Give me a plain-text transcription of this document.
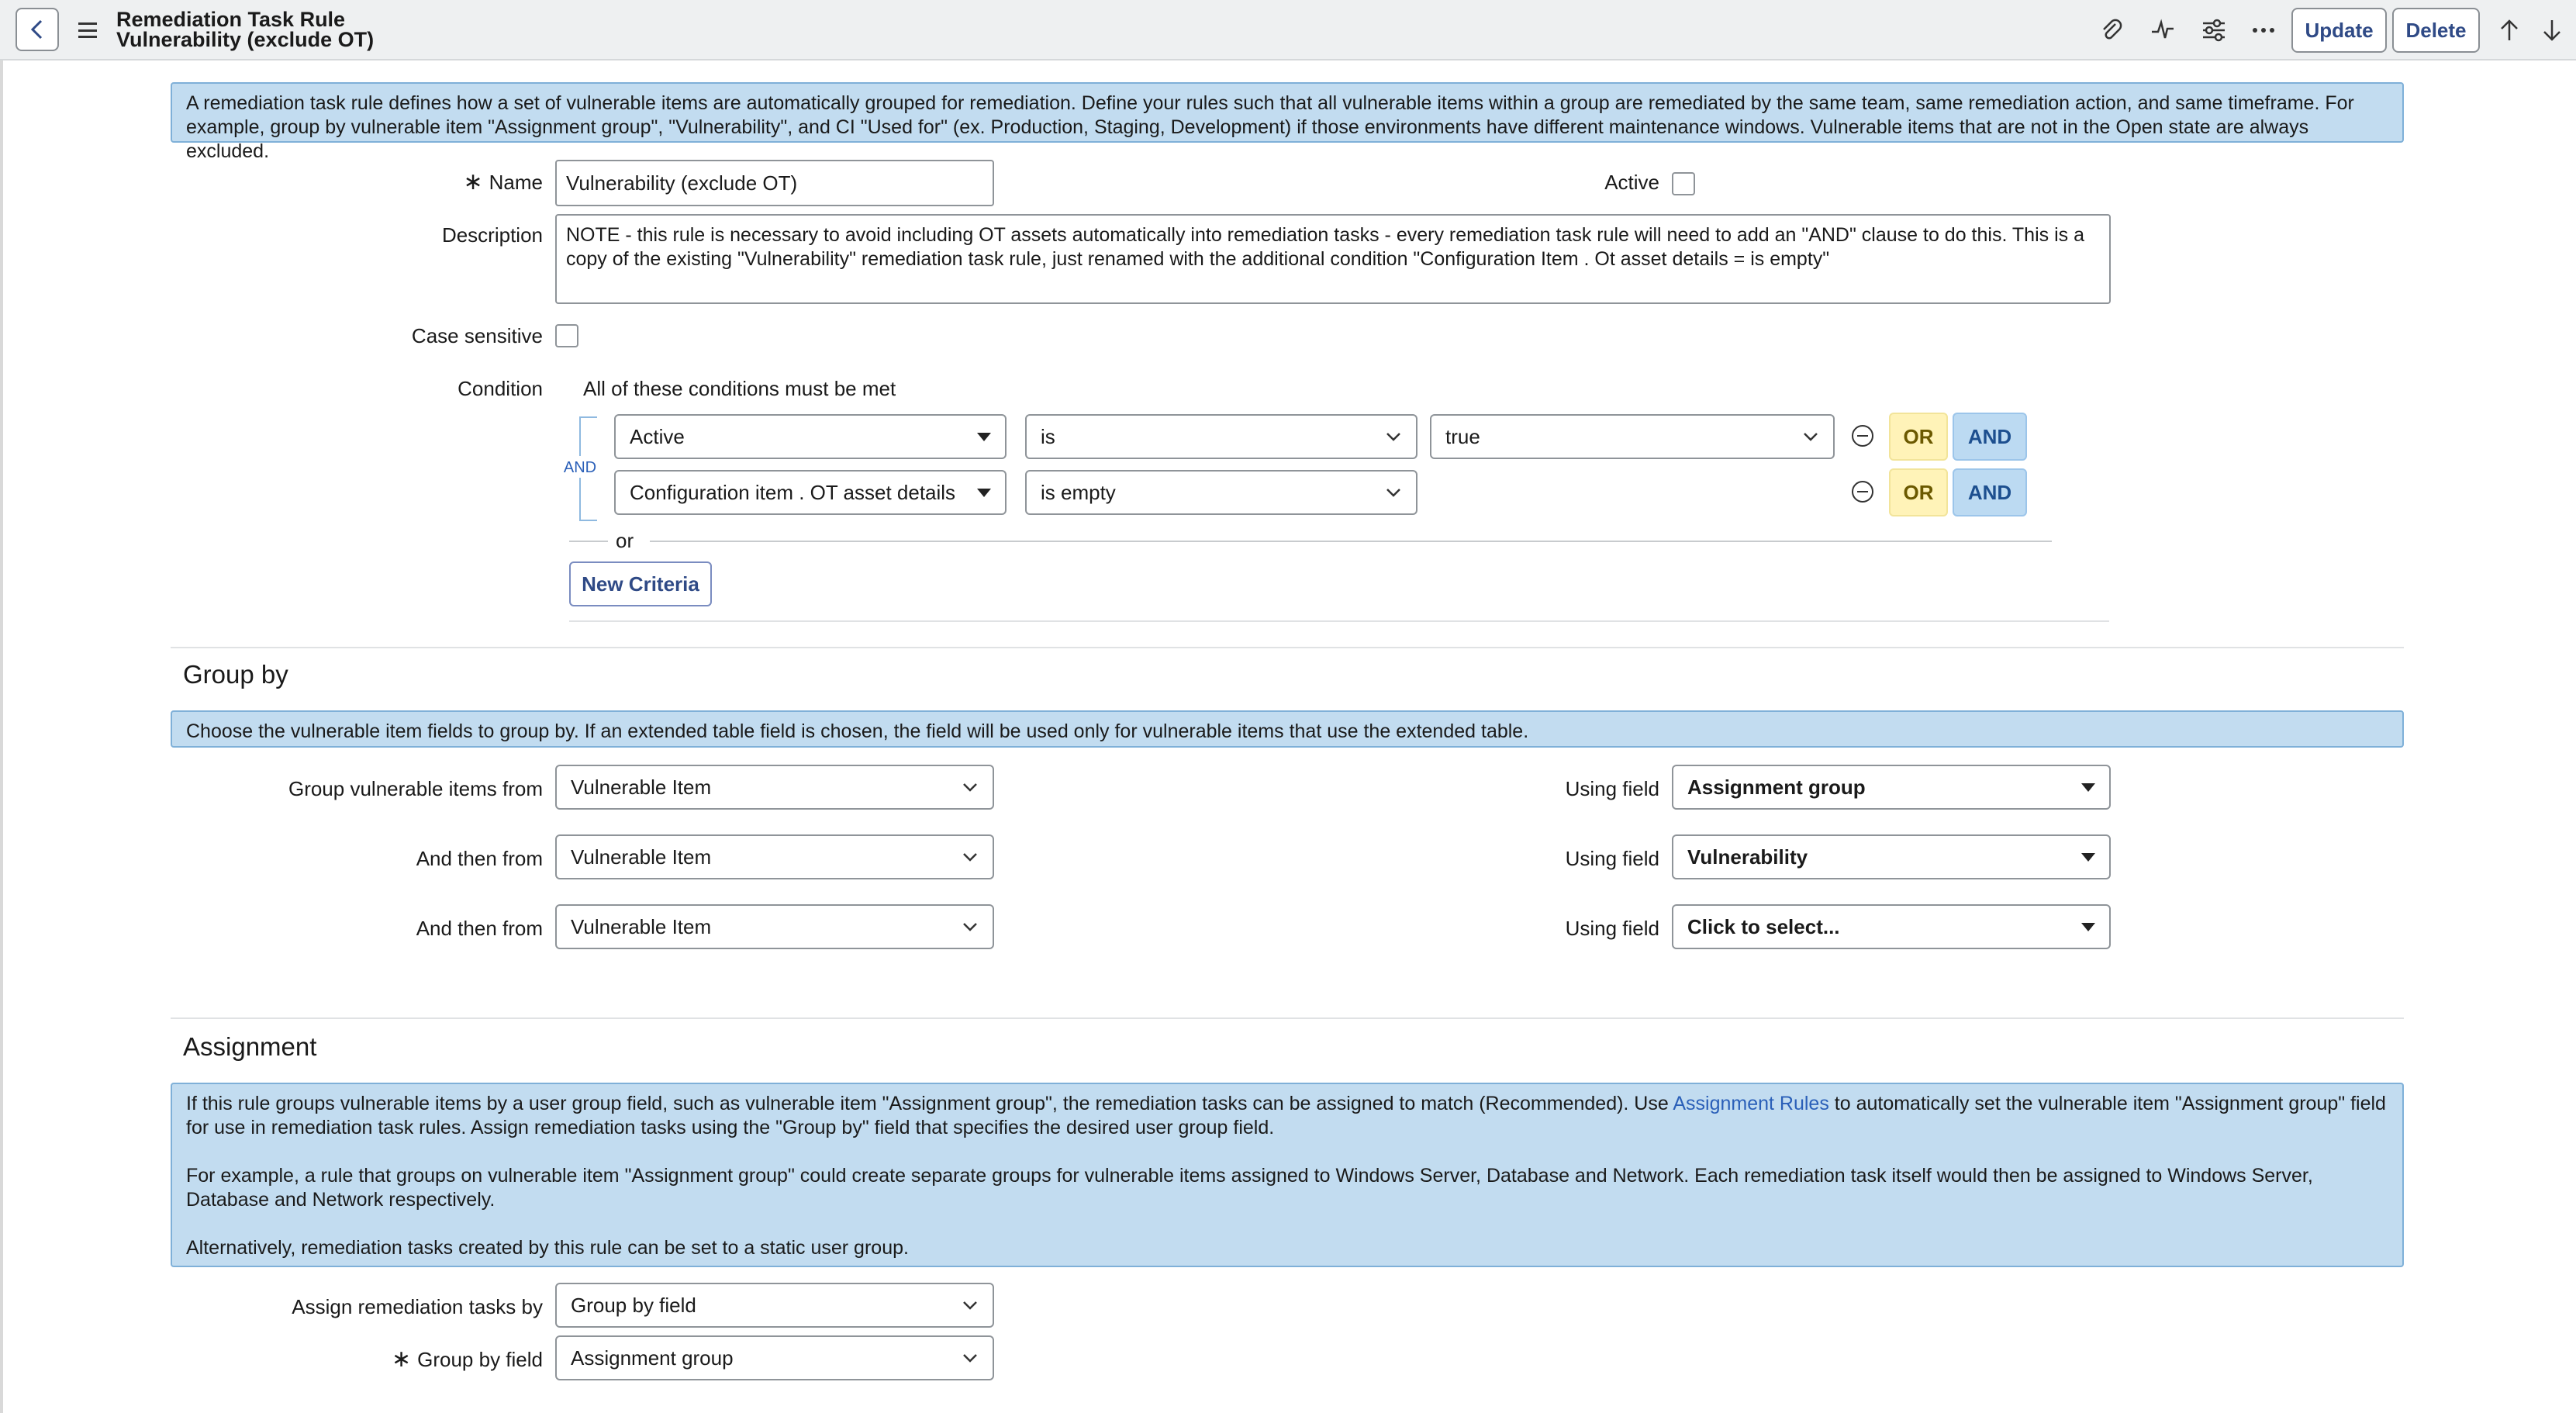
Remediation Task Rule
Vulnerability (exclude OT)	Update	Delete
A remediation task rule defines how a set of vulnerable items are automatically grouped for remediation. Define your rules such that all vulnerable items within a group are remediated by the same team, same remediation action, and same timeframe. For example, group by vulnerable item "Assignment group", "Vulnerability", and CI "Used for" (ex. Production, Staging, Development) if those environments have different maintenance windows. Vulnerable items that are not in the Open state are always excluded.
∗ Name	Vulnerability (exclude OT)	Active
Description	NOTE - this rule is necessary to avoid including OT assets automatically into remediation tasks - every remediation task rule will need to add an "AND" clause to do this. This is a copy of the existing "Vulnerability" remediation task rule, just renamed with the additional condition "Configuration Item . Ot asset details = is empty"
Case sensitive
Condition All of these conditions must be met
AND
Active	is	true	OR	AND
Configuration item . OT asset details	is empty	OR	AND
or
New Criteria
Group by
Choose the vulnerable item fields to group by. If an extended table field is chosen, the field will be used only for vulnerable items that use the extended table.
Group vulnerable items from Vulnerable Item	Using field Assignment group
And then from Vulnerable Item	Using field Vulnerability
And then from Vulnerable Item	Using field Click to select...
Assignment

If this rule groups vulnerable items by a user group field, such as vulnerable item "Assignment group", the remediation tasks can be assigned to match (Recommended). Use Assignment Rules to automatically set the vulnerable item "Assignment group" field for use in remediation task rules. Assign remediation tasks using the "Group by" field that specifies the desired user group field.

For example, a rule that groups on vulnerable item "Assignment group" could create separate groups for vulnerable items assigned to Windows Server, Database and Network. Each remediation task itself would then be assigned to Windows Server, Database and Network respectively.

Alternatively, remediation tasks created by this rule can be set to a static user group.

Assign remediation tasks by Group by field
∗ Group by field Assignment group
